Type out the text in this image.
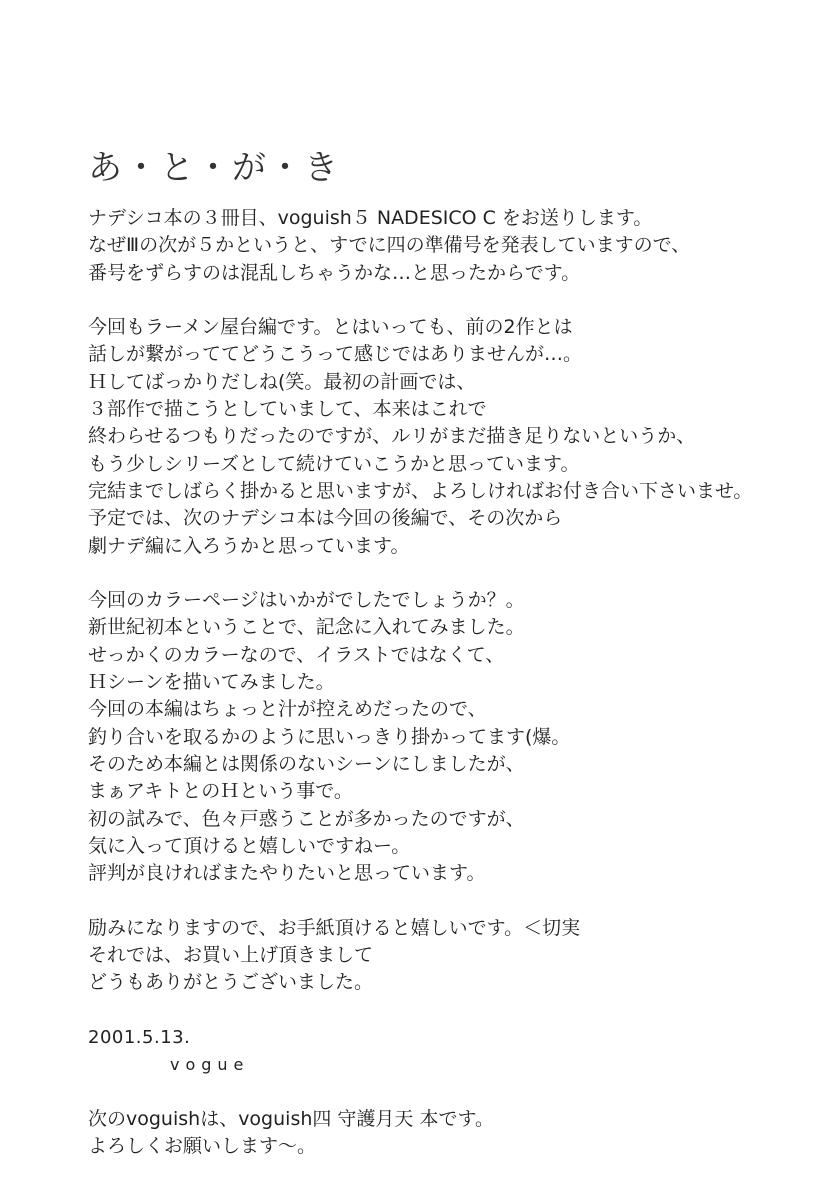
あ・と・が・き
ナデシコ本の３冊目、voguish５ NADESICO C をお送りします。
なぜⅢの次が５かというと、すでに四の準備号を発表していますので、
番号をずらすのは混乱しちゃうかな…と思ったからです。
今回もラーメン屋台編です。とはいっても、前の2作とは
話しが繋がっててどうこうって感じではありませんが…。
Ｈしてばっかりだしね(笑。最初の計画では、
３部作で描こうとしていまして、本来はこれで
終わらせるつもりだったのですが、ルリがまだ描き足りないというか、
もう少しシリーズとして続けていこうかと思っています。
完結までしばらく掛かると思いますが、よろしければお付き合い下さいませ。
予定では、次のナデシコ本は今回の後編で、その次から
劇ナデ編に入ろうかと思っています。
今回のカラーページはいかがでしたでしょうか？。
新世紀初本ということで、記念に入れてみました。
せっかくのカラーなので、イラストではなくて、
Ｈシーンを描いてみました。
今回の本編はちょっと汁が控えめだったので、
釣り合いを取るかのように思いっきり掛かってます(爆。
そのため本編とは関係のないシーンにしましたが、
まぁアキトとのＨという事で。
初の試みで、色々戸惑うことが多かったのですが、
気に入って頂けると嬉しいですねー。
評判が良ければまたやりたいと思っています。
励みになりますので、お手紙頂けると嬉しいです。＜切実
それでは、お買い上げ頂きまして
どうもありがとうございました。
2001.5.13.
vogue
次のvoguishは、voguish四 守護月天 本です。
よろしくお願いします～。
